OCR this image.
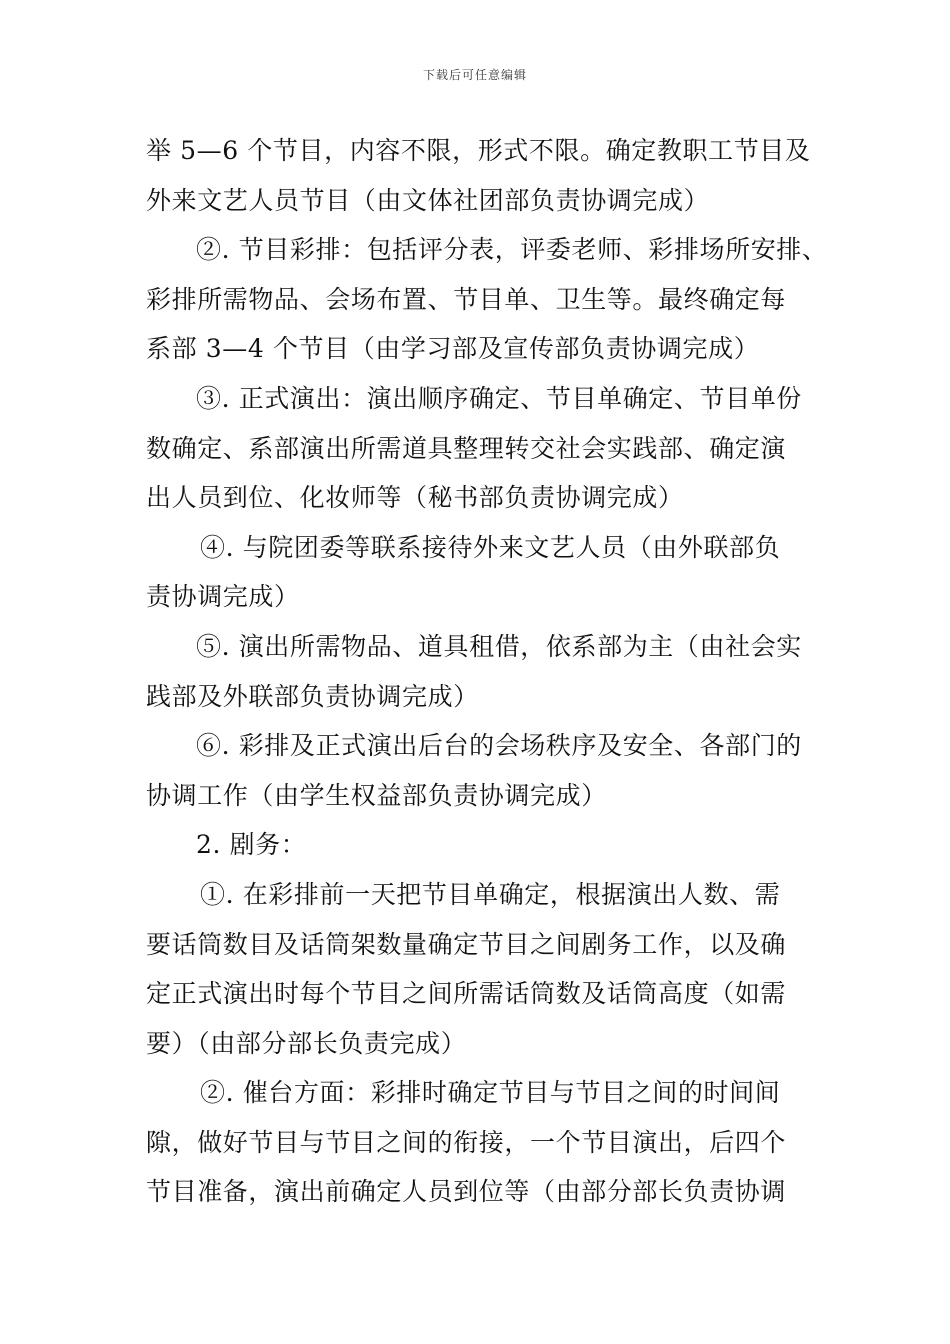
下载后可任意编辑
举 5—6 个节目，内容不限，形式不限。确定教职工节目及
外来文艺人员节目（由文体社团部负责协调完成）
②. 节目彩排：包括评分表，评委老师、彩排场所安排、
彩排所需物品、会场布置、节目单、卫生等。最终确定每
系部 3—4 个节目（由学习部及宣传部负责协调完成）
③. 正式演出：演出顺序确定、节目单确定、节目单份
数确定、系部演出所需道具整理转交社会实践部、确定演
出人员到位、化妆师等（秘书部负责协调完成）
④. 与院团委等联系接待外来文艺人员（由外联部负
责协调完成）
⑤. 演出所需物品、道具租借，依系部为主（由社会实
践部及外联部负责协调完成）
⑥. 彩排及正式演出后台的会场秩序及安全、各部门的
协调工作（由学生权益部负责协调完成）
2. 剧务：
①. 在彩排前一天把节目单确定，根据演出人数、需
要话筒数目及话筒架数量确定节目之间剧务工作，以及确
定正式演出时每个节目之间所需话筒数及话筒高度（如需
要）（由部分部长负责完成）
②. 催台方面：彩排时确定节目与节目之间的时间间
隙，做好节目与节目之间的衔接，一个节目演出，后四个
节目准备，演出前确定人员到位等（由部分部长负责协调
